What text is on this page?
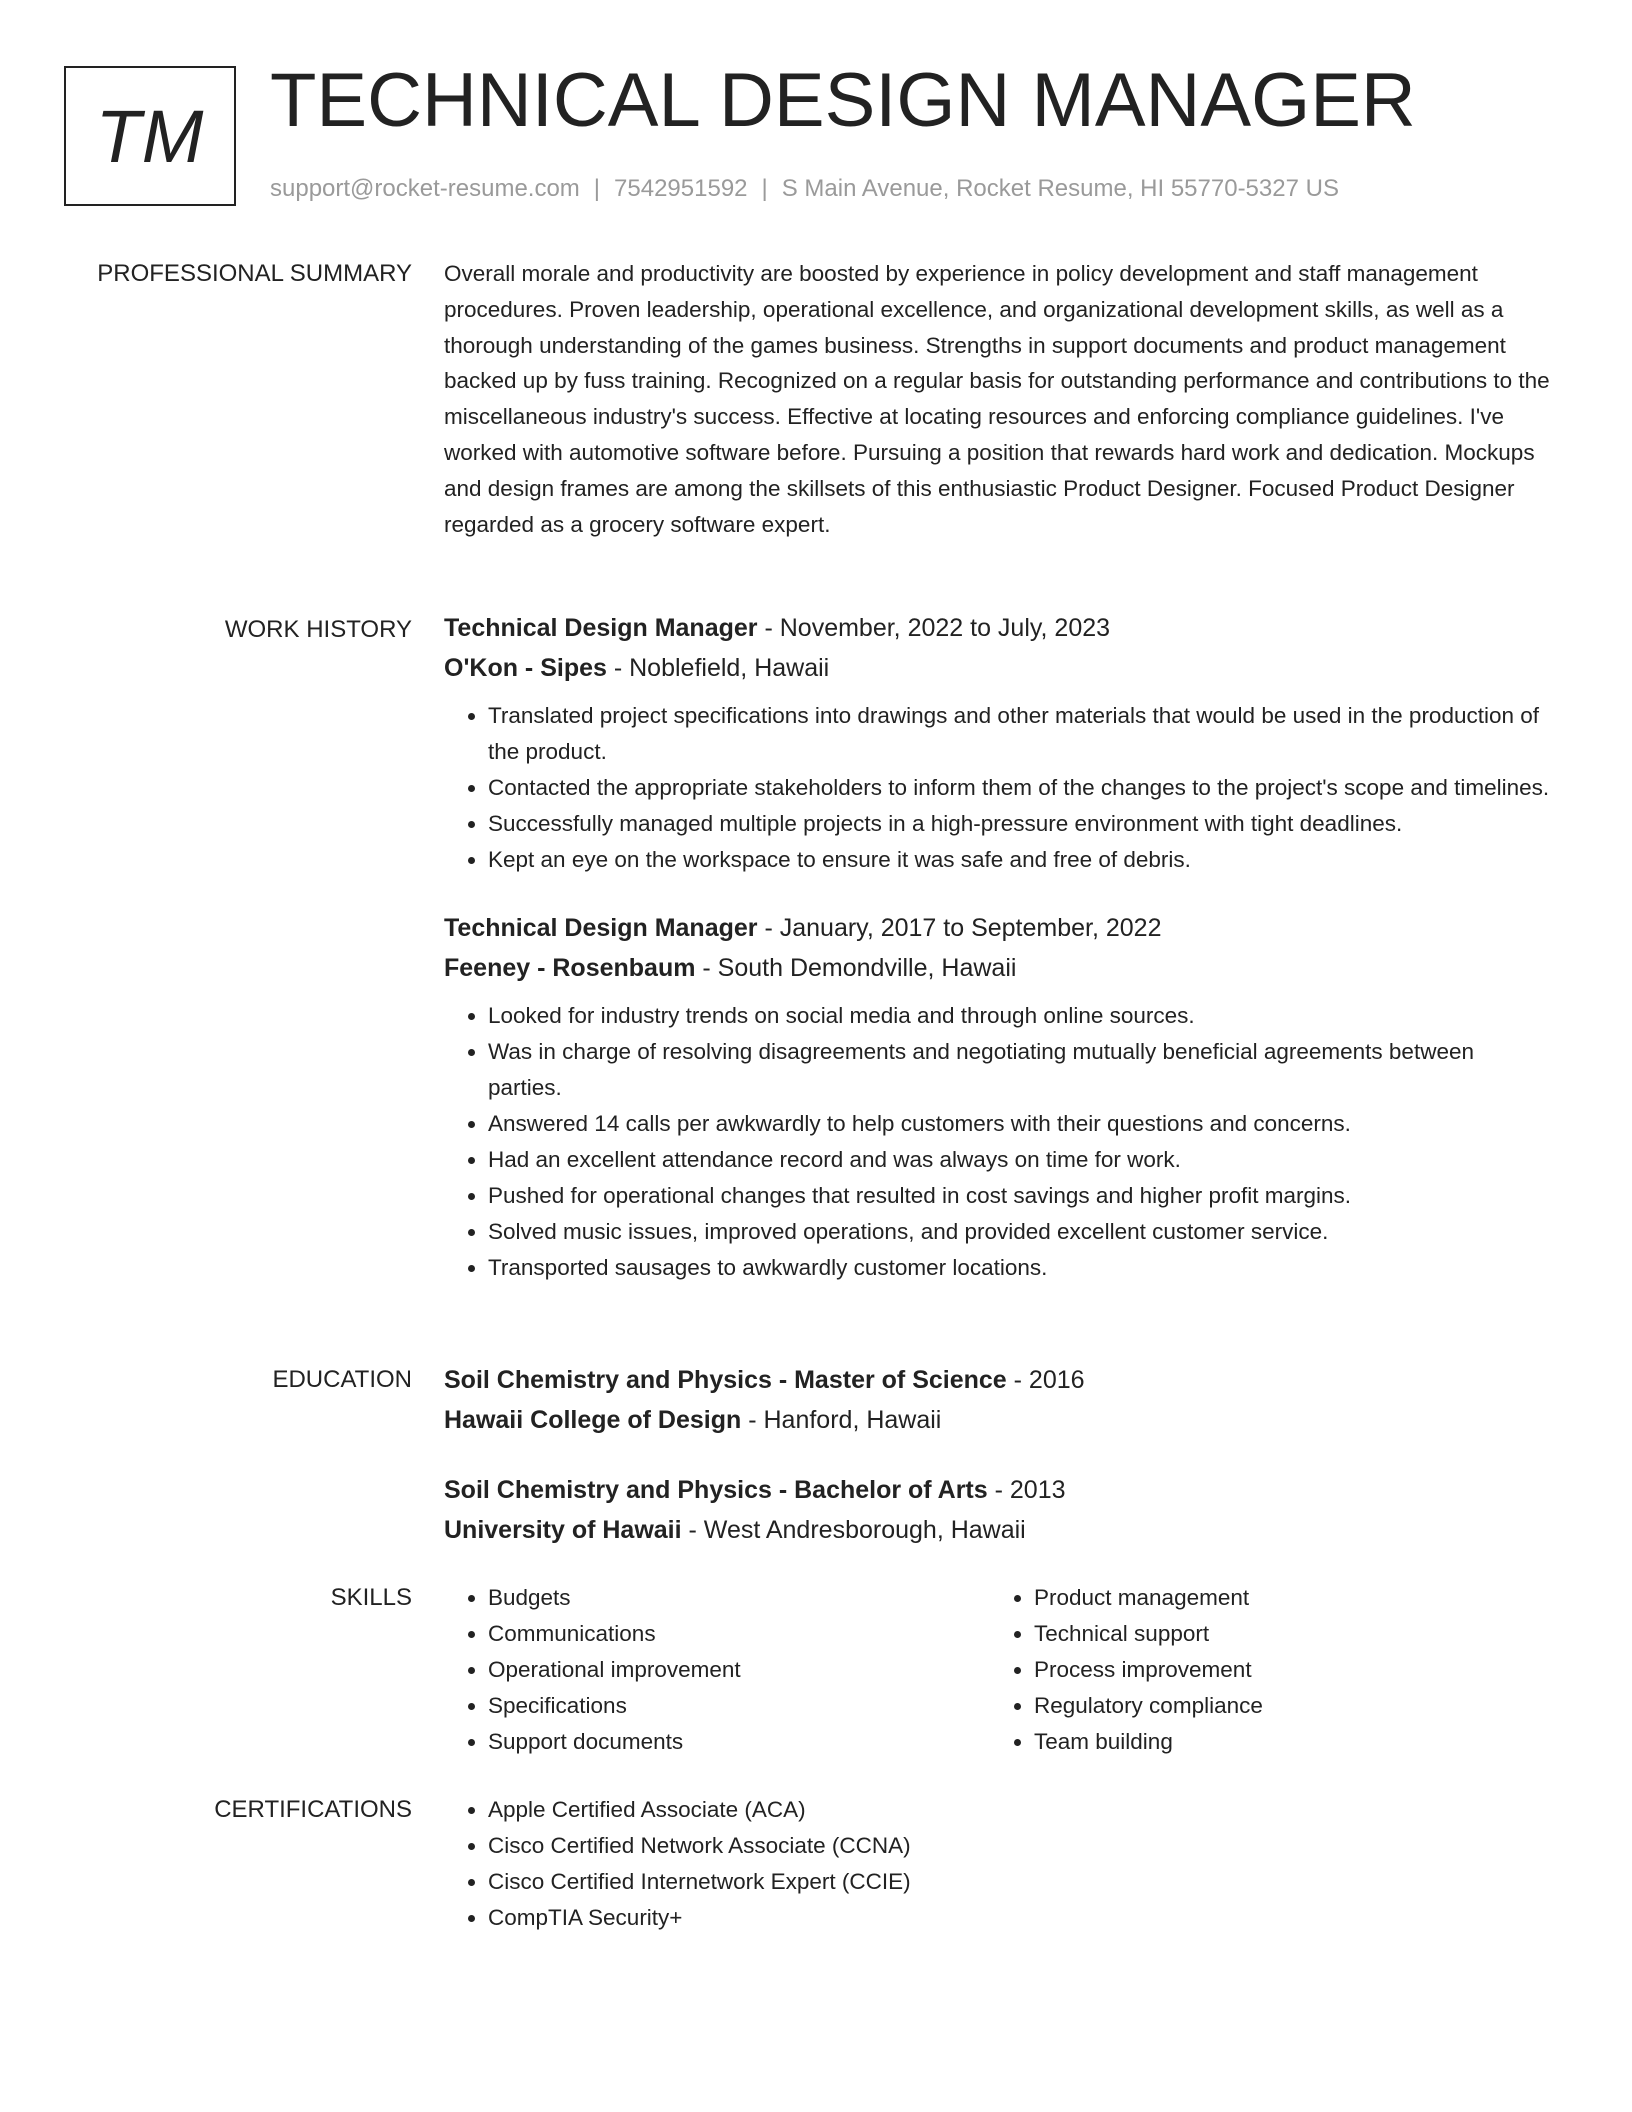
TM TECHNICAL DESIGN MANAGER
support@rocket-resume.com | 7542951592 | S Main Avenue, Rocket Resume, HI 55770-5327 US
PROFESSIONAL SUMMARY Overall morale and productivity are boosted by experience in policy development and staff management procedures. Proven leadership, operational excellence, and organizational development skills, as well as a thorough understanding of the games business. Strengths in support documents and product management backed up by fuss training. Recognized on a regular basis for outstanding performance and contributions to the miscellaneous industry's success. Effective at locating resources and enforcing compliance guidelines. I've worked with automotive software before. Pursuing a position that rewards hard work and dedication. Mockups and design frames are among the skillsets of this enthusiastic Product Designer. Focused Product Designer regarded as a grocery software expert.

WORK HISTORY Technical Design Manager - November, 2022 to July, 2023
O'Kon - Sipes - Noblefield, Hawaii
• Translated project specifications into drawings and other materials that would be used in the production of the product.
• Contacted the appropriate stakeholders to inform them of the changes to the project's scope and timelines.
• Successfully managed multiple projects in a high-pressure environment with tight deadlines.
• Kept an eye on the workspace to ensure it was safe and free of debris.
Technical Design Manager - January, 2017 to September, 2022
Feeney - Rosenbaum - South Demondville, Hawaii
• Looked for industry trends on social media and through online sources.
• Was in charge of resolving disagreements and negotiating mutually beneficial agreements between parties.
• Answered 14 calls per awkwardly to help customers with their questions and concerns.
• Had an excellent attendance record and was always on time for work.
• Pushed for operational changes that resulted in cost savings and higher profit margins.
• Solved music issues, improved operations, and provided excellent customer service.
• Transported sausages to awkwardly customer locations.
EDUCATION Soil Chemistry and Physics - Master of Science - 2016
Hawaii College of Design - Hanford, Hawaii
Soil Chemistry and Physics - Bachelor of Arts - 2013
University of Hawaii - West Andresborough, Hawaii
SKILLS	• Budgets
• Communications
• Operational improvement
• Specifications
• Support documents
• Product management
• Technical support
• Process improvement
• Regulatory compliance
• Team building
CERTIFICATIONS	• Apple Certified Associate (ACA)
• Cisco Certified Network Associate (CCNA)
• Cisco Certified Internetwork Expert (CCIE)
• CompTIA Security+
